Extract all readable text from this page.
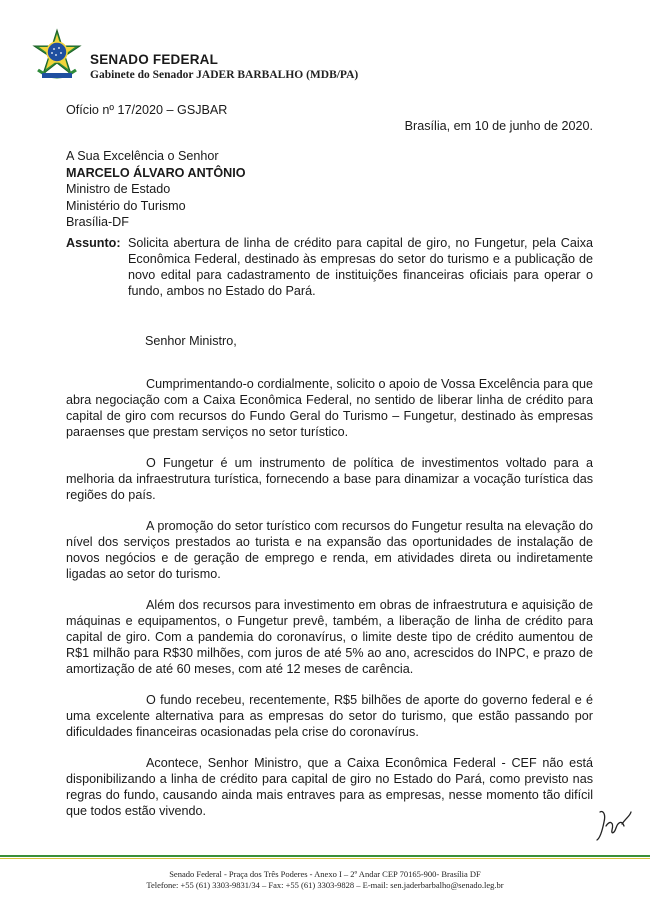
SENADO FEDERAL
Gabinete do Senador JADER BARBALHO (MDB/PA)
Ofício nº 17/2020 – GSJBAR
Brasília, em 10 de junho de 2020.
A Sua Excelência o Senhor
MARCELO ÁLVARO ANTÔNIO
Ministro de Estado
Ministério do Turismo
Brasília-DF
Assunto: Solicita abertura de linha de crédito para capital de giro, no Fungetur, pela Caixa Econômica Federal, destinado às empresas do setor do turismo e a publicação de novo edital para cadastramento de instituições financeiras oficiais para operar o fundo, ambos no Estado do Pará.
Senhor Ministro,

Cumprimentando-o cordialmente, solicito o apoio de Vossa Excelência para que abra negociação com a Caixa Econômica Federal, no sentido de liberar linha de crédito para capital de giro com recursos do Fundo Geral do Turismo – Fungetur, destinado às empresas paraenses que prestam serviços no setor turístico.

O Fungetur é um instrumento de política de investimentos voltado para a melhoria da infraestrutura turística, fornecendo a base para dinamizar a vocação turística das regiões do país.

A promoção do setor turístico com recursos do Fungetur resulta na elevação do nível dos serviços prestados ao turista e na expansão das oportunidades de instalação de novos negócios e de geração de emprego e renda, em atividades direta ou indiretamente ligadas ao setor do turismo.

Além dos recursos para investimento em obras de infraestrutura e aquisição de máquinas e equipamentos, o Fungetur prevê, também, a liberação de linha de crédito para capital de giro. Com a pandemia do coronavírus, o limite deste tipo de crédito aumentou de R$1 milhão para R$30 milhões, com juros de até 5% ao ano, acrescidos do INPC, e prazo de amortização de até 60 meses, com até 12 meses de carência.

O fundo recebeu, recentemente, R$5 bilhões de aporte do governo federal e é uma excelente alternativa para as empresas do setor do turismo, que estão passando por dificuldades financeiras ocasionadas pela crise do coronavírus.

Acontece, Senhor Ministro, que a Caixa Econômica Federal - CEF não está disponibilizando a linha de crédito para capital de giro no Estado do Pará, como previsto nas regras do fundo, causando ainda mais entraves para as empresas, nesse momento tão difícil que todos estão vivendo.

Senado Federal - Praça dos Três Poderes - Anexo I – 2º Andar CEP 70165-900- Brasília DF
Telefone: +55 (61) 3303-9831/34 – Fax: +55 (61) 3303-9828 – E-mail: sen.jaderbarbalho@senado.leg.br
